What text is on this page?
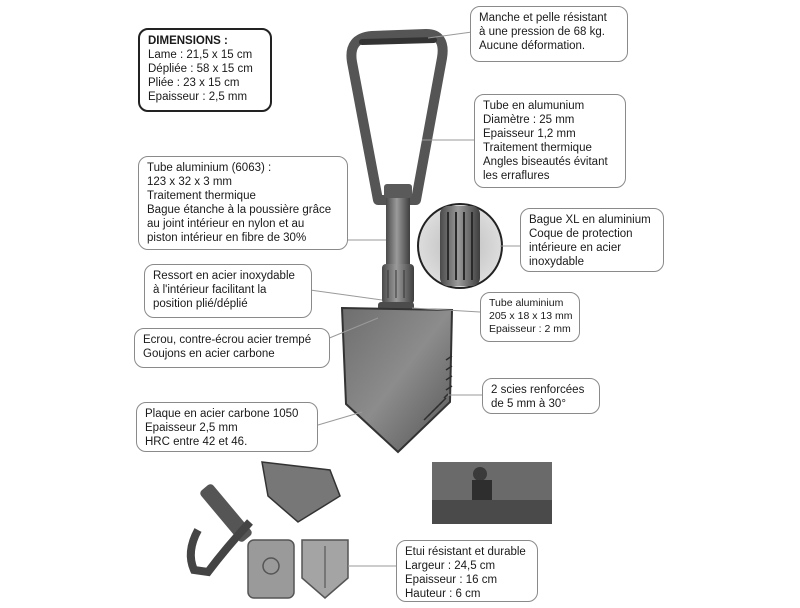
DIMENSIONS :
Lame : 21,5 x 15 cm
Dépliée : 58 x 15 cm
Pliée : 23 x 15 cm
Epaisseur : 2,5 mm
Manche et pelle résistant
à une pression de 68 kg.
Aucune déformation.
Tube en alumunium
Diamètre : 25 mm
Epaisseur 1,2 mm
Traitement thermique
Angles biseautés évitant
les erraflures
Tube aluminium (6063) :
123 x 32 x 3 mm
Traitement thermique
Bague étanche à la poussière grâce
au joint intérieur en nylon et au
piston intérieur en fibre de 30%
Bague XL en aluminium
Coque de protection
intérieure en acier
inoxydable
Ressort en acier inoxydable
à l'intérieur facilitant la
position plié/déplié	Tube aluminium
205 x 18 x 13 mm
Epaisseur : 2 mm
Ecrou, contre-écrou acier trempé
Goujons en acier carbone
2 scies renforcées
de 5 mm à 30°
Plaque en acier carbone 1050
Epaisseur 2,5 mm
HRC entre 42 et 46.
Etui résistant et durable
Largeur : 24,5 cm
Epaisseur : 16 cm
Hauteur : 6 cm
